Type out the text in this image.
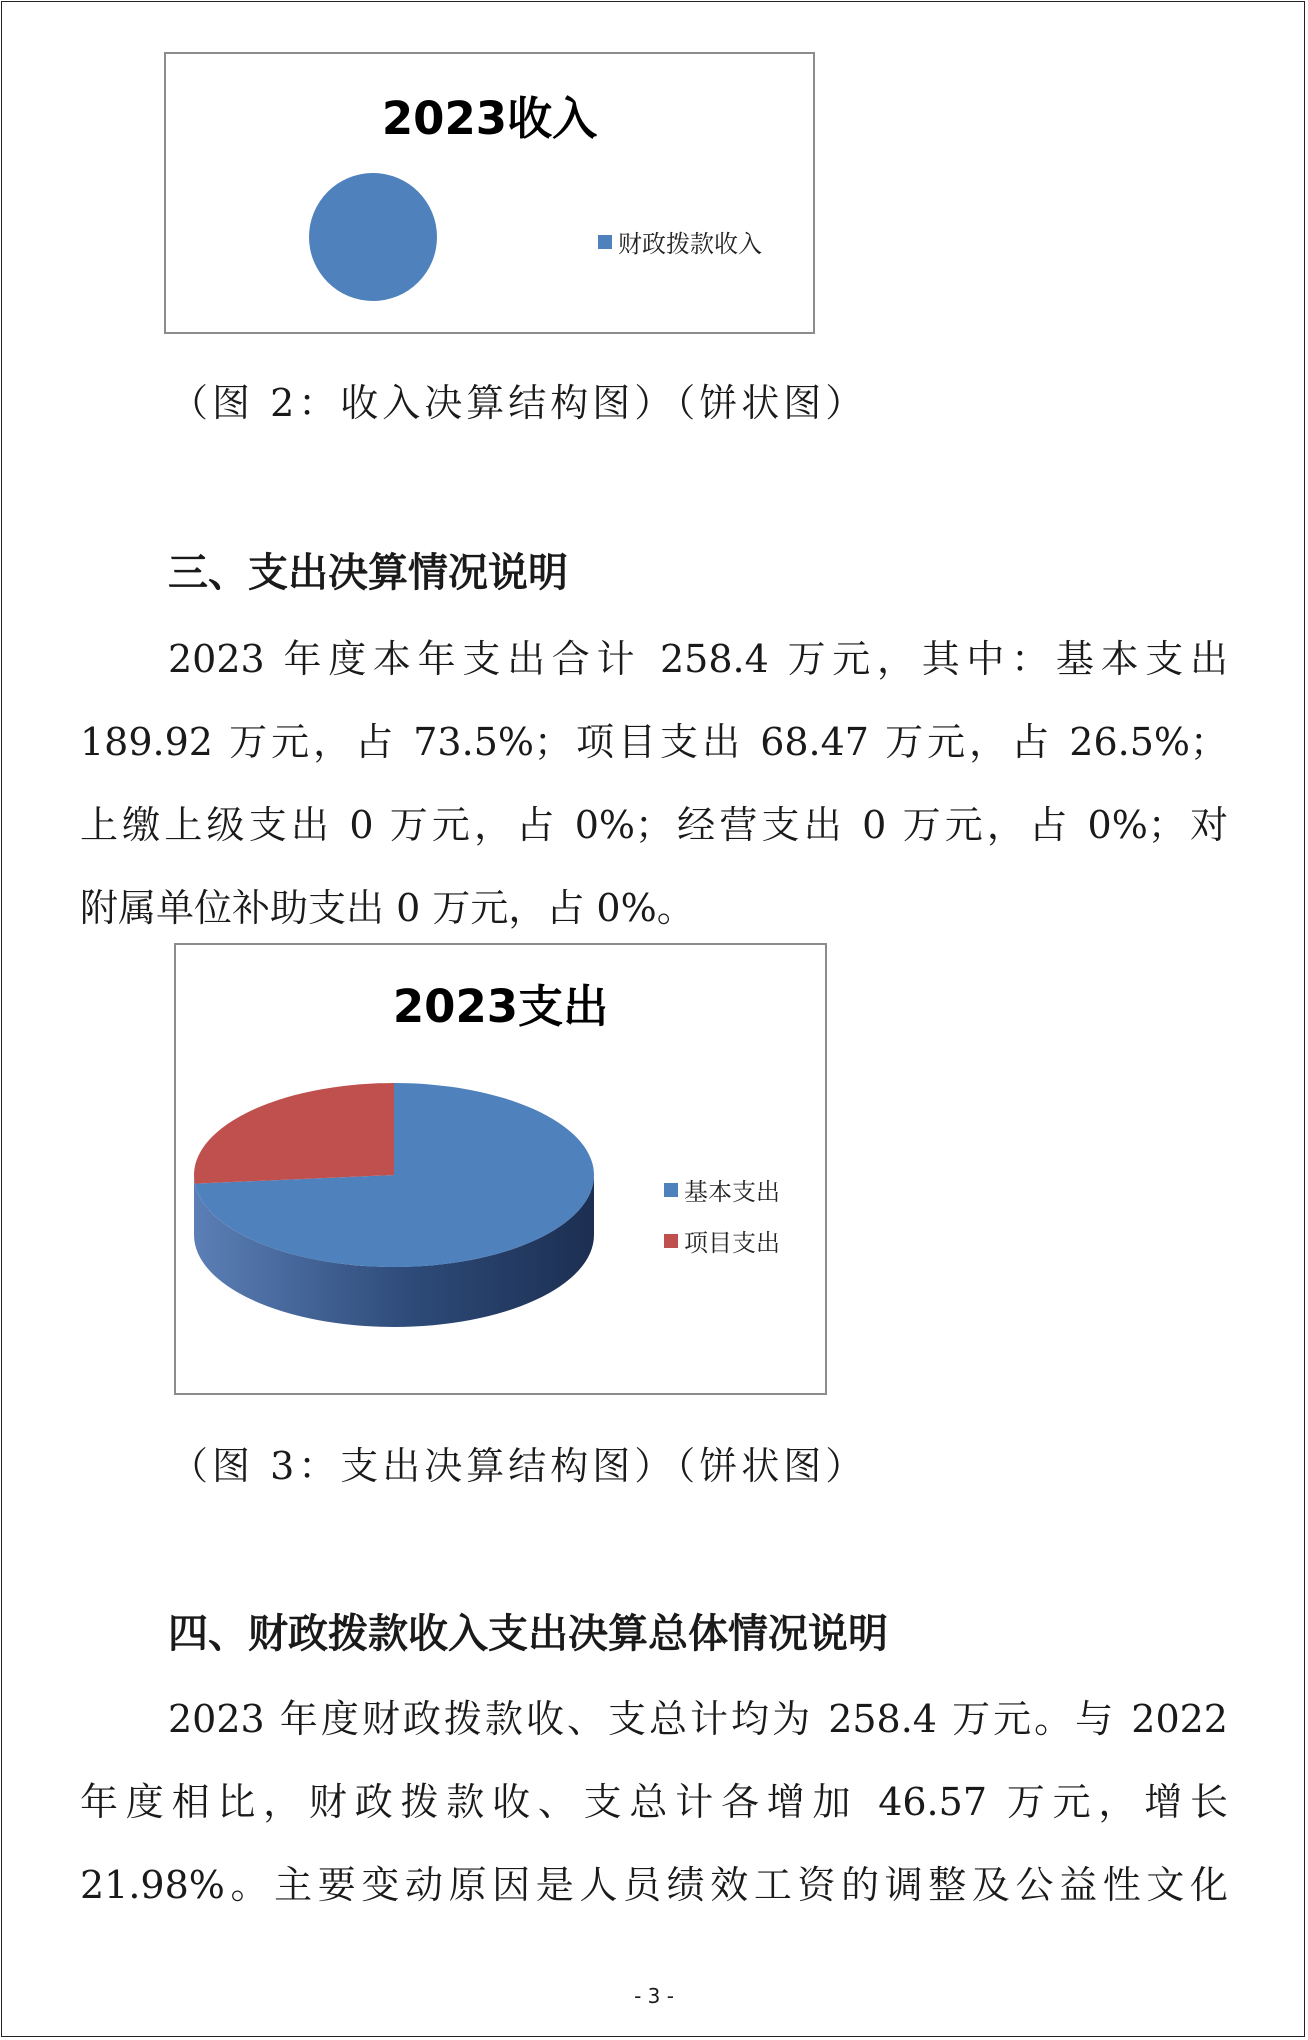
2023收入
财政拨款收入
（图 2：收入决算结构图）（饼状图）
三、支出决算情况说明
2023 年度本年支出合计 258.4 万元，其中：基本支出
189.92 万元，占 73.5%；项目支出 68.47 万元，占 26.5%；
上缴上级支出 0 万元，占 0%；经营支出 0 万元，占 0%；对
附属单位补助支出 0 万元，占 0%。
2023支出
基本支出
项目支出
（图 3：支出决算结构图）（饼状图）
四、财政拨款收入支出决算总体情况说明
2023 年度财政拨款收、支总计均为 258.4 万元。与 2022
年度相比，财政拨款收、支总计各增加 46.57 万元，增长
21.98%。主要变动原因是人员绩效工资的调整及公益性文化
- 3 -
